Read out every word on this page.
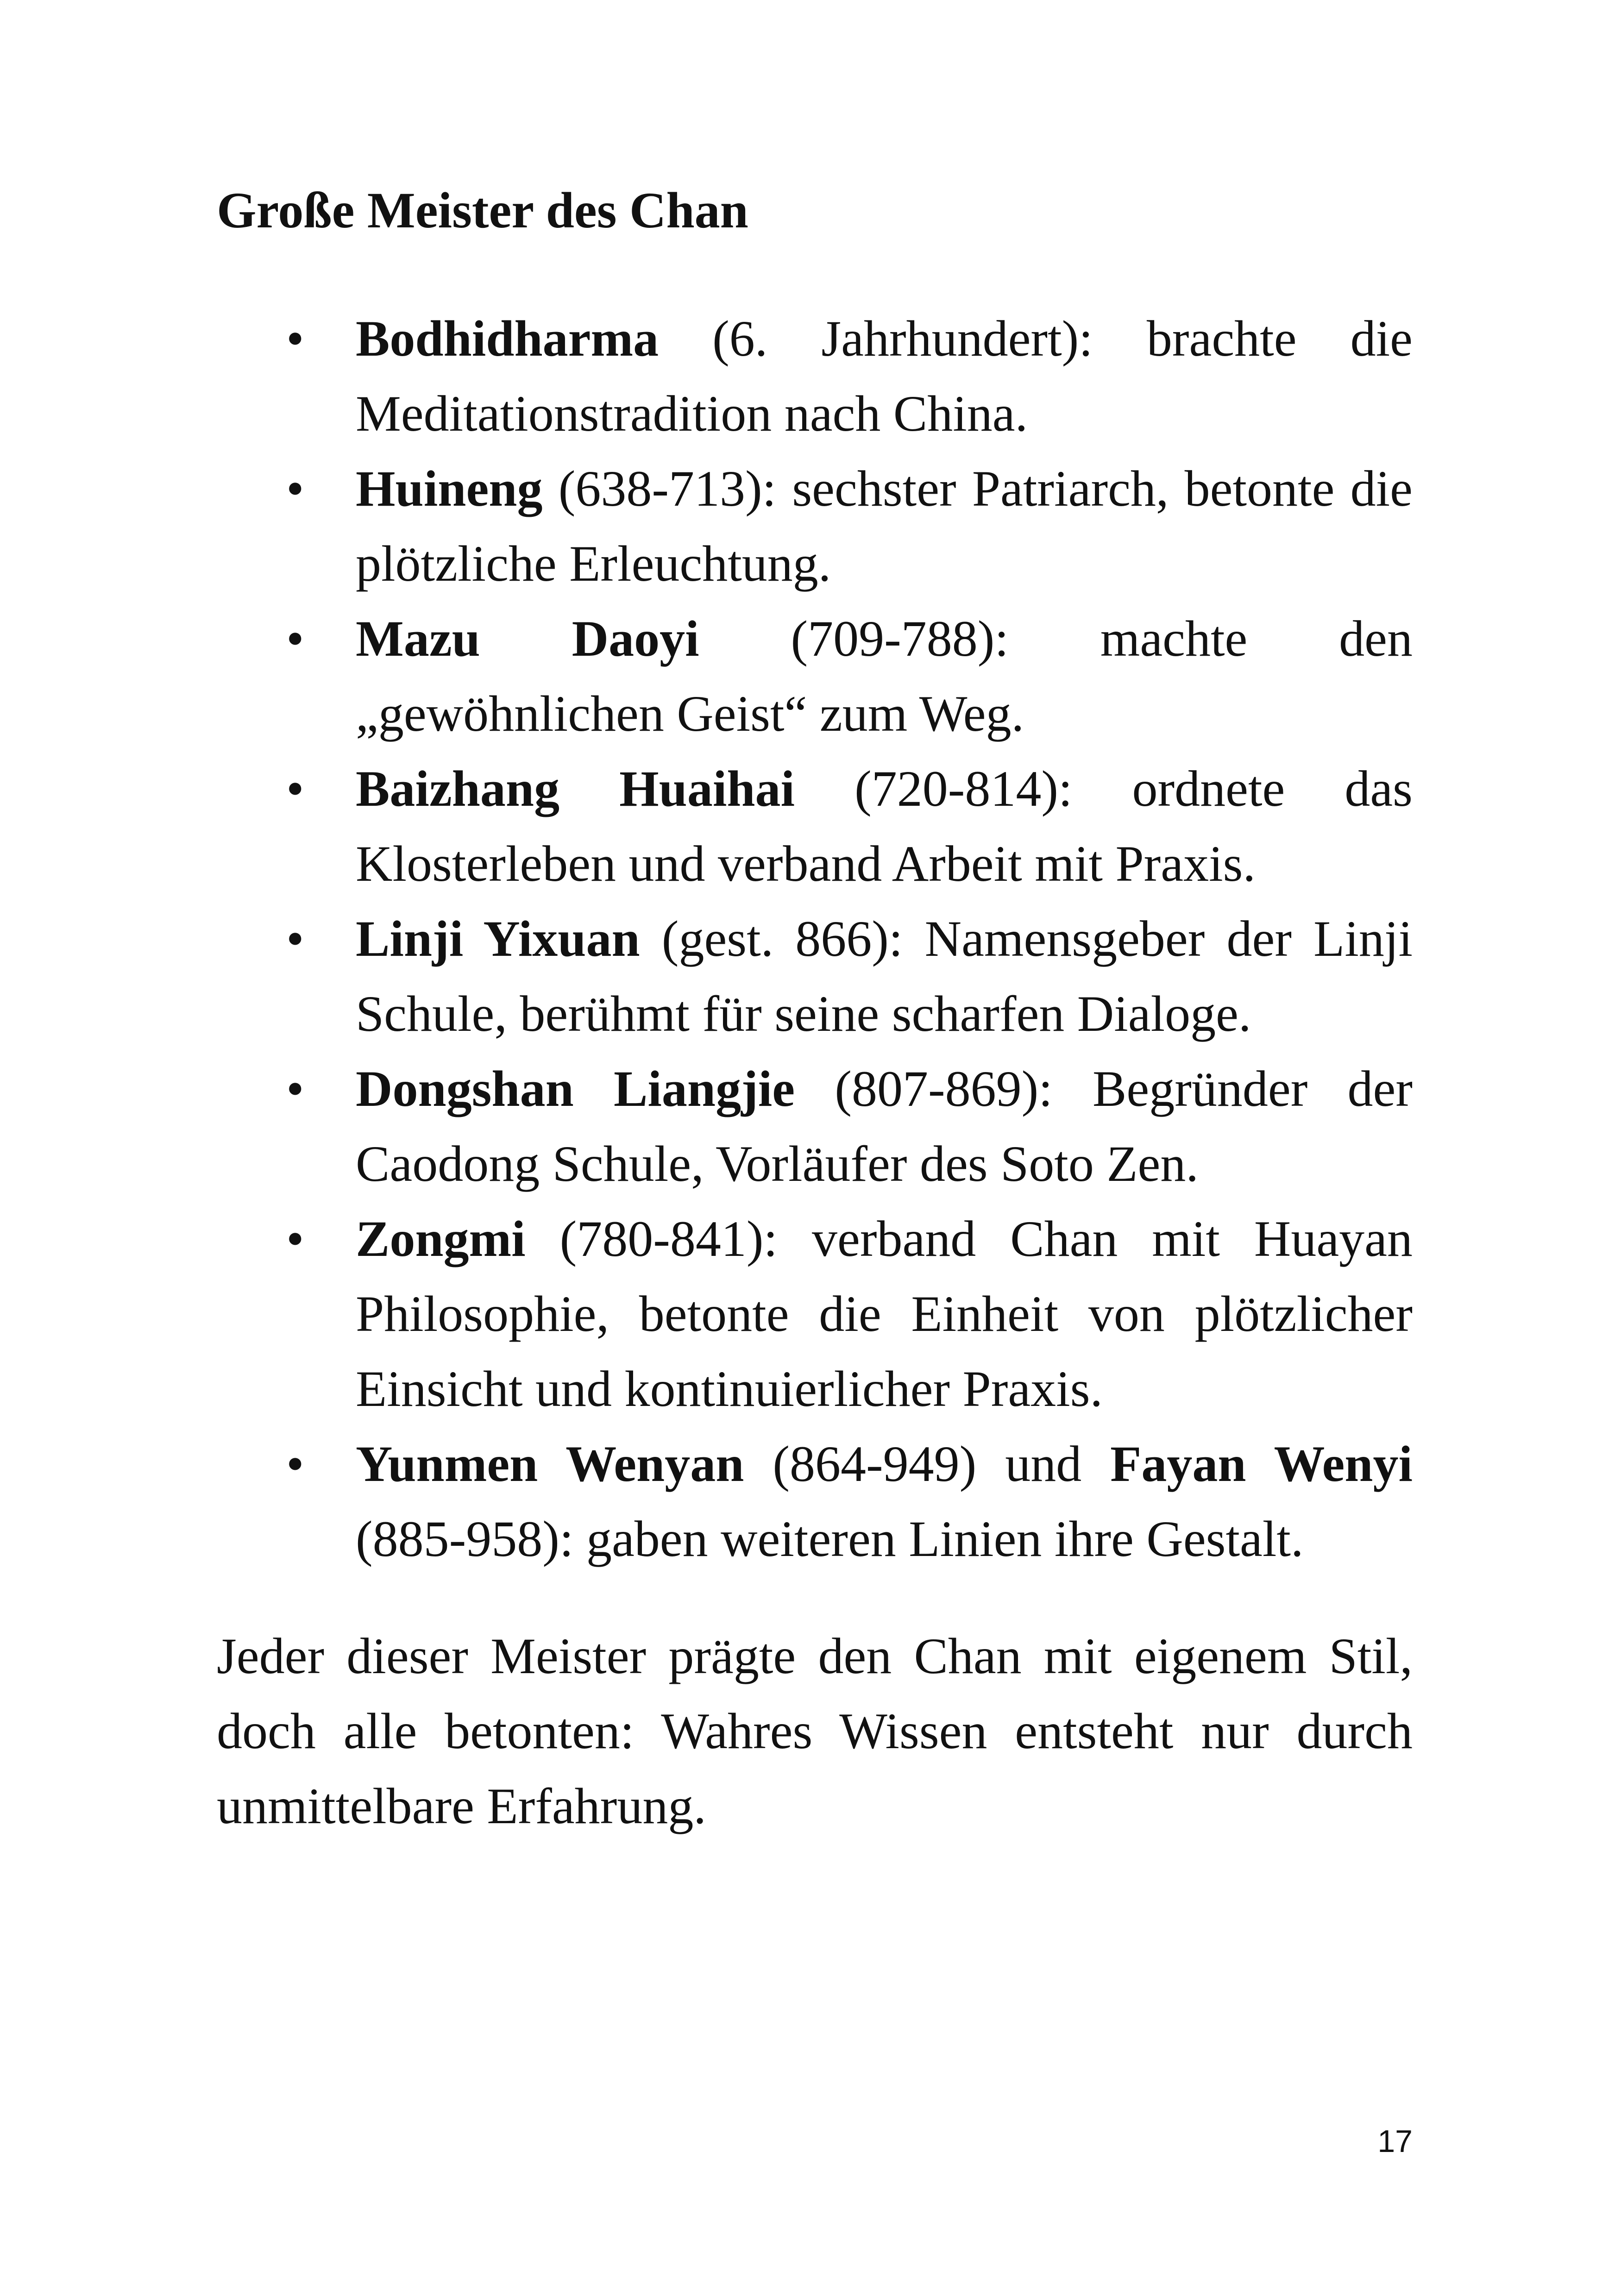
Große Meister des Chan
• Bodhidharma (6. Jahrhundert): brachte die Meditationstradition nach China.
• Huineng (638-713): sechster Patriarch, betonte die plötzliche Erleuchtung.
• Mazu Daoyi (709-788): machte den „gewöhnlichen Geist“ zum Weg.
• Baizhang Huaihai (720-814): ordnete das Klosterleben und verband Arbeit mit Praxis.
• Linji Yixuan (gest. 866): Namensgeber der Linji Schule, berühmt für seine scharfen Dialoge.
• Dongshan Liangjie (807-869): Begründer der Caodong Schule, Vorläufer des Soto Zen.
• Zongmi (780-841): verband Chan mit Huayan Philosophie, betonte die Einheit von plötzlicher Einsicht und kontinuierlicher Praxis.
• Yunmen Wenyan (864-949) und Fayan Wenyi (885-958): gaben weiteren Linien ihre Gestalt.

Jeder dieser Meister prägte den Chan mit eigenem Stil, doch alle betonten: Wahres Wissen entsteht nur durch unmittelbare Erfahrung.

17
